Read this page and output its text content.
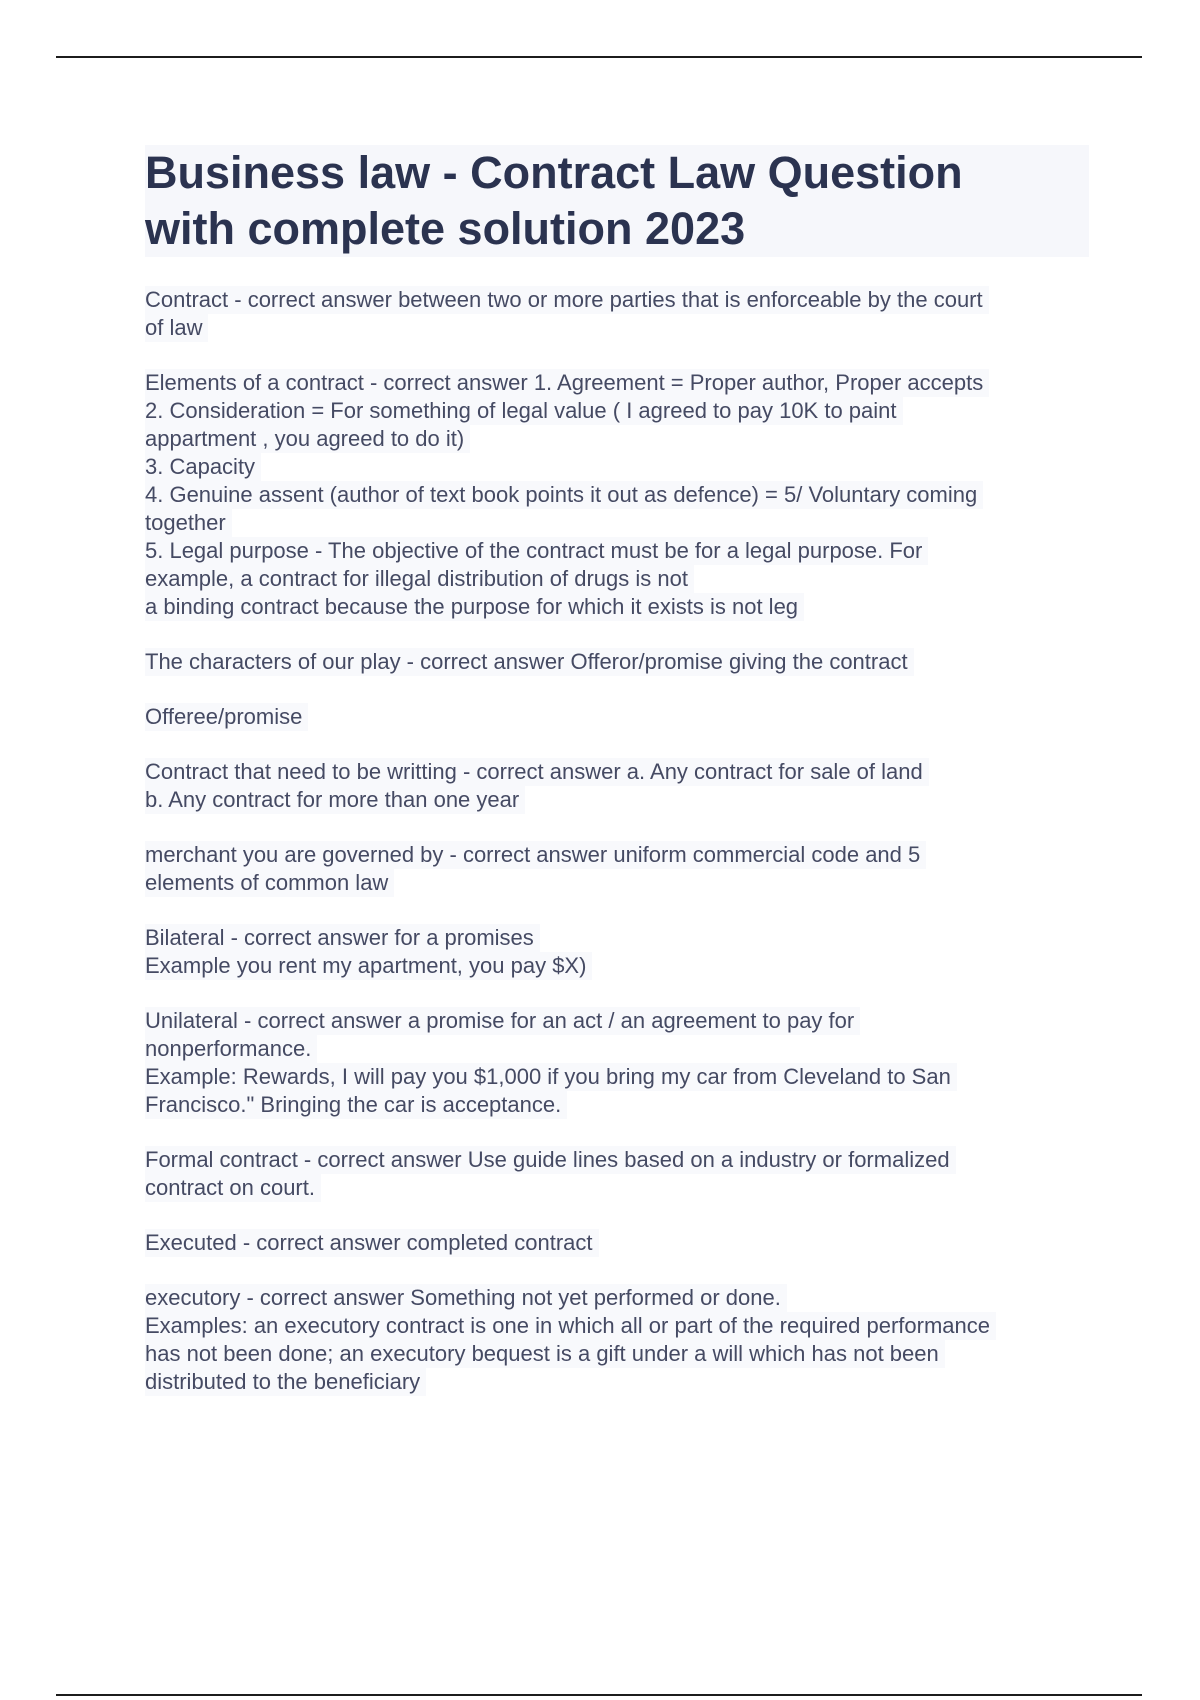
Business law - Contract Law Question
with complete solution 2023
Contract - correct answer between two or more parties that is enforceable by the court
of law
Elements of a contract - correct answer 1. Agreement = Proper author, Proper accepts
2. Consideration = For something of legal value ( I agreed to pay 10K to paint
appartment , you agreed to do it)
3. Capacity
4. Genuine assent (author of text book points it out as defence) = 5/ Voluntary coming
together
5. Legal purpose - The objective of the contract must be for a legal purpose. For
example, a contract for illegal distribution of drugs is not
a binding contract because the purpose for which it exists is not leg
The characters of our play - correct answer Offeror/promise giving the contract
Offeree/promise
Contract that need to be writting - correct answer a. Any contract for sale of land
b. Any contract for more than one year
merchant you are governed by - correct answer uniform commercial code and 5
elements of common law
Bilateral - correct answer for a promises
Example you rent my apartment, you pay $X)
Unilateral - correct answer a promise for an act / an agreement to pay for
nonperformance.
Example: Rewards, I will pay you $1,000 if you bring my car from Cleveland to San
Francisco." Bringing the car is acceptance.
Formal contract - correct answer Use guide lines based on a industry or formalized
contract on court.
Executed - correct answer completed contract
executory - correct answer Something not yet performed or done.
Examples: an executory contract is one in which all or part of the required performance
has not been done; an executory bequest is a gift under a will which has not been
distributed to the beneficiary
